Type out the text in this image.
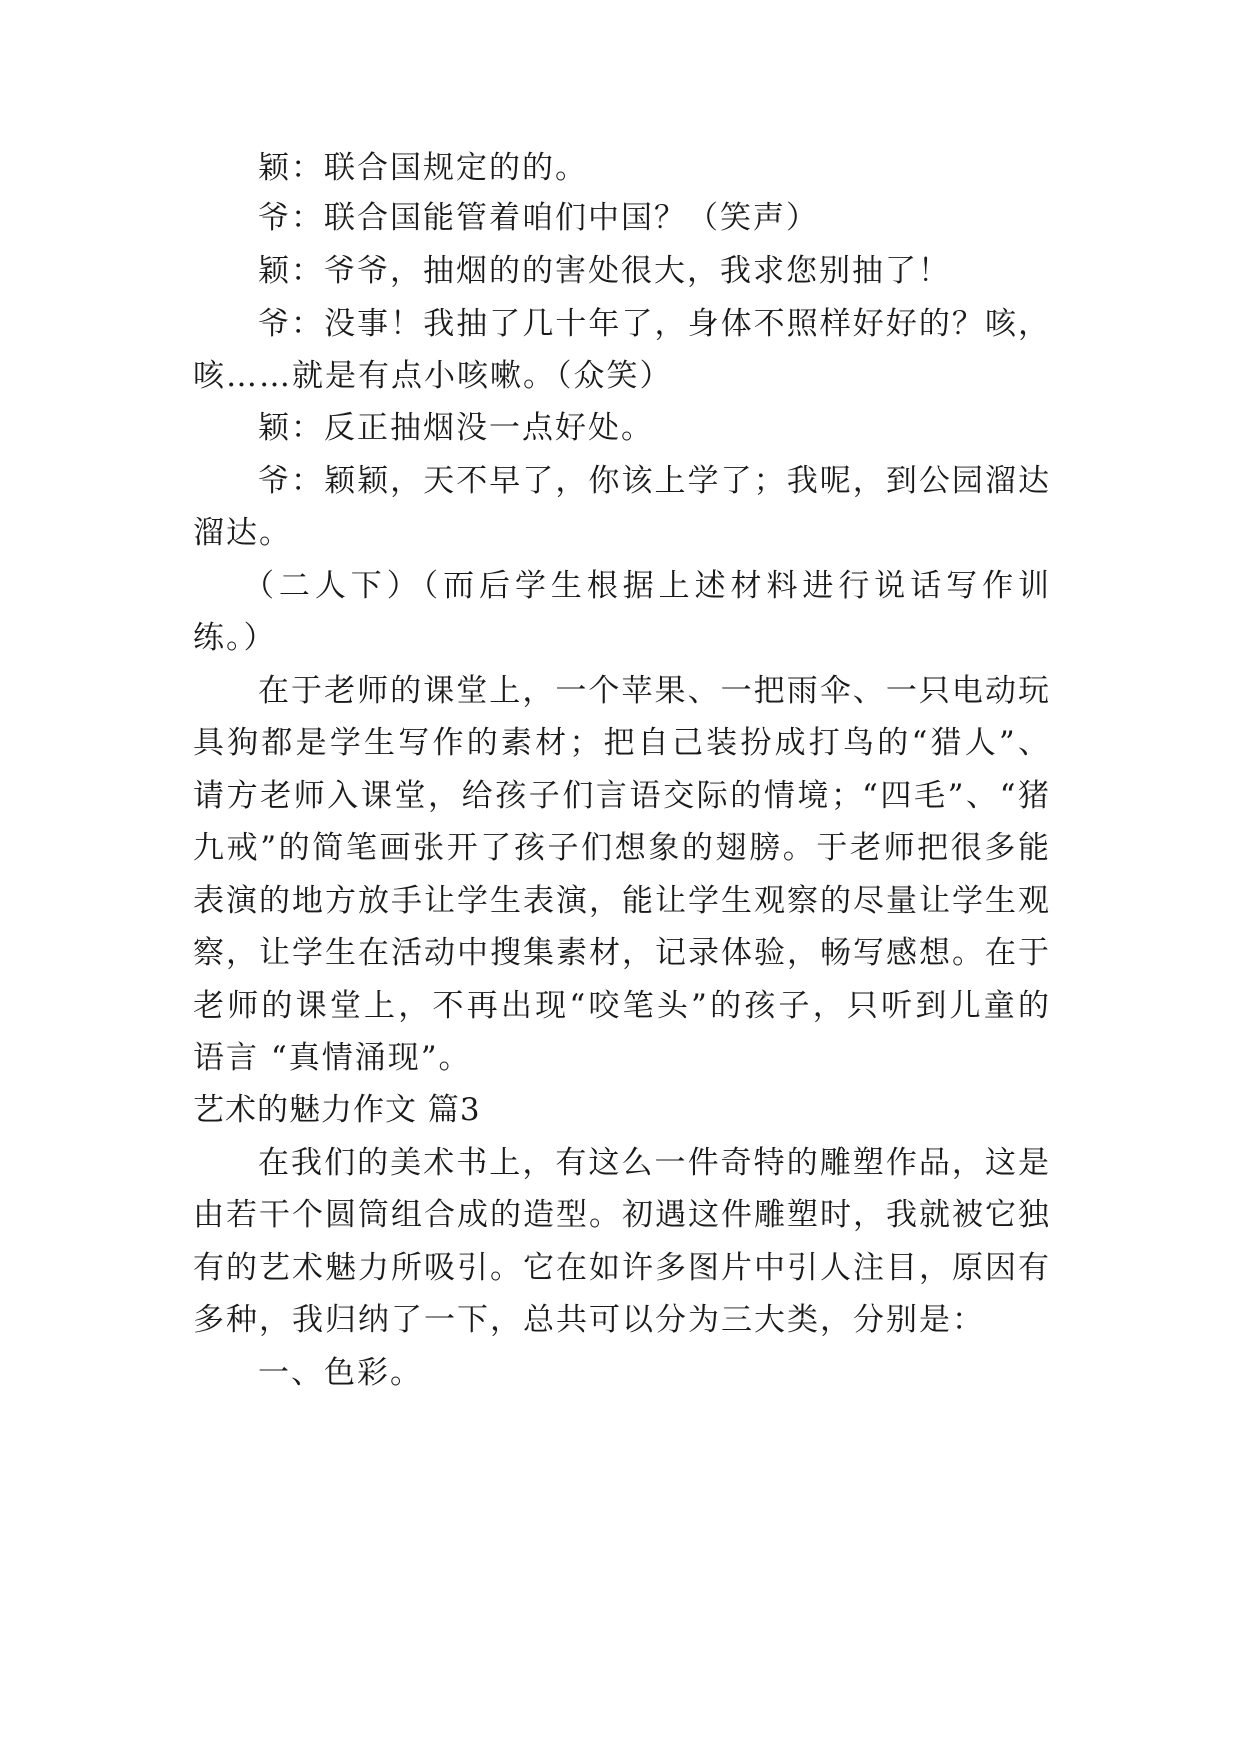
颖：联合国规定的的。
爷：联合国能管着咱们中国？（笑声）
颖：爷爷，抽烟的的害处很大，我求您别抽了！
爷：没事！我抽了几十年了，身体不照样好好的？咳，
咳……就是有点小咳嗽。（众笑）
颖：反正抽烟没一点好处。
爷：颖颖，天不早了，你该上学了；我呢，到公园溜达
溜达。
（二人下）（而后学生根据上述材料进行说话写作训
练。）
在于老师的课堂上，一个苹果、一把雨伞、一只电动玩
具狗都是学生写作的素材；把自己装扮成打鸟的“猎人”、
请方老师入课堂，给孩子们言语交际的情境；“四毛”、“猪
九戒”的简笔画张开了孩子们想象的翅膀。于老师把很多能
表演的地方放手让学生表演，能让学生观察的尽量让学生观
察，让学生在活动中搜集素材，记录体验，畅写感想。在于
老师的课堂上，不再出现“咬笔头”的孩子，只听到儿童的
语言 “真情涌现”。
艺术的魅力作文 篇3
在我们的美术书上，有这么一件奇特的雕塑作品，这是
由若干个圆筒组合成的造型。初遇这件雕塑时，我就被它独
有的艺术魅力所吸引。它在如许多图片中引人注目，原因有
多种，我归纳了一下，总共可以分为三大类，分别是：
一、色彩。
